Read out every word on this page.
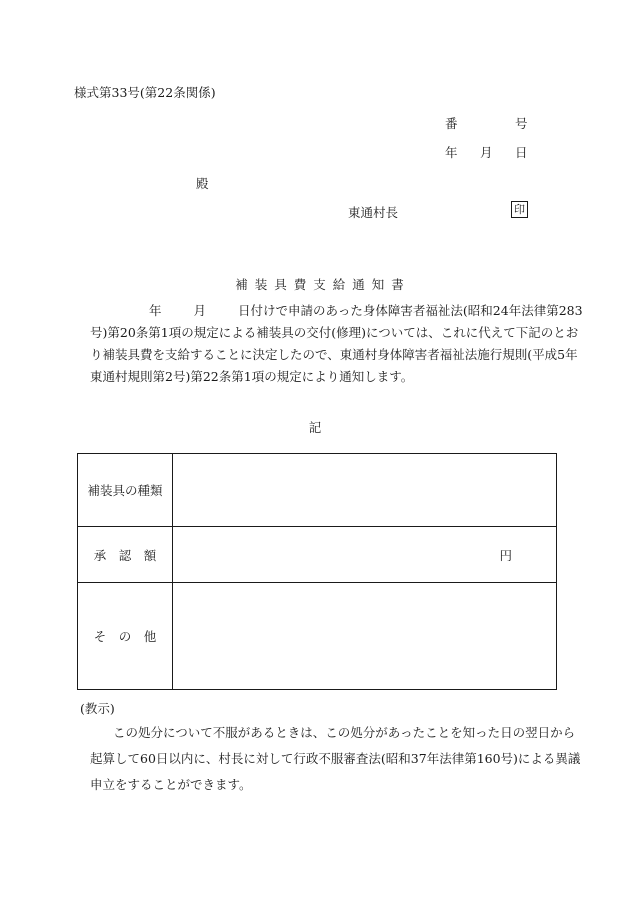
様式第33号(第22条関係)
番	号
年 月 日
殿
東通村長	印
補装具費支給通知書
年	月	日付けで申請のあった身体障害者福祉法(昭和24年法律第283
号)第20条第1項の規定による補装具の交付(修理)については、これに代えて下記のとお
り補装具費を支給することに決定したので、東通村身体障害者福祉法施行規則(平成5年
東通村規則第2号)第22条第1項の規定により通知します。
記
補装具の種類	
承　認　額	円
そ　の　他	
(教示)
この処分について不服があるときは、この処分があったことを知った日の翌日から
起算して60日以内に、村長に対して行政不服審査法(昭和37年法律第160号)による異議
申立をすることができます。
